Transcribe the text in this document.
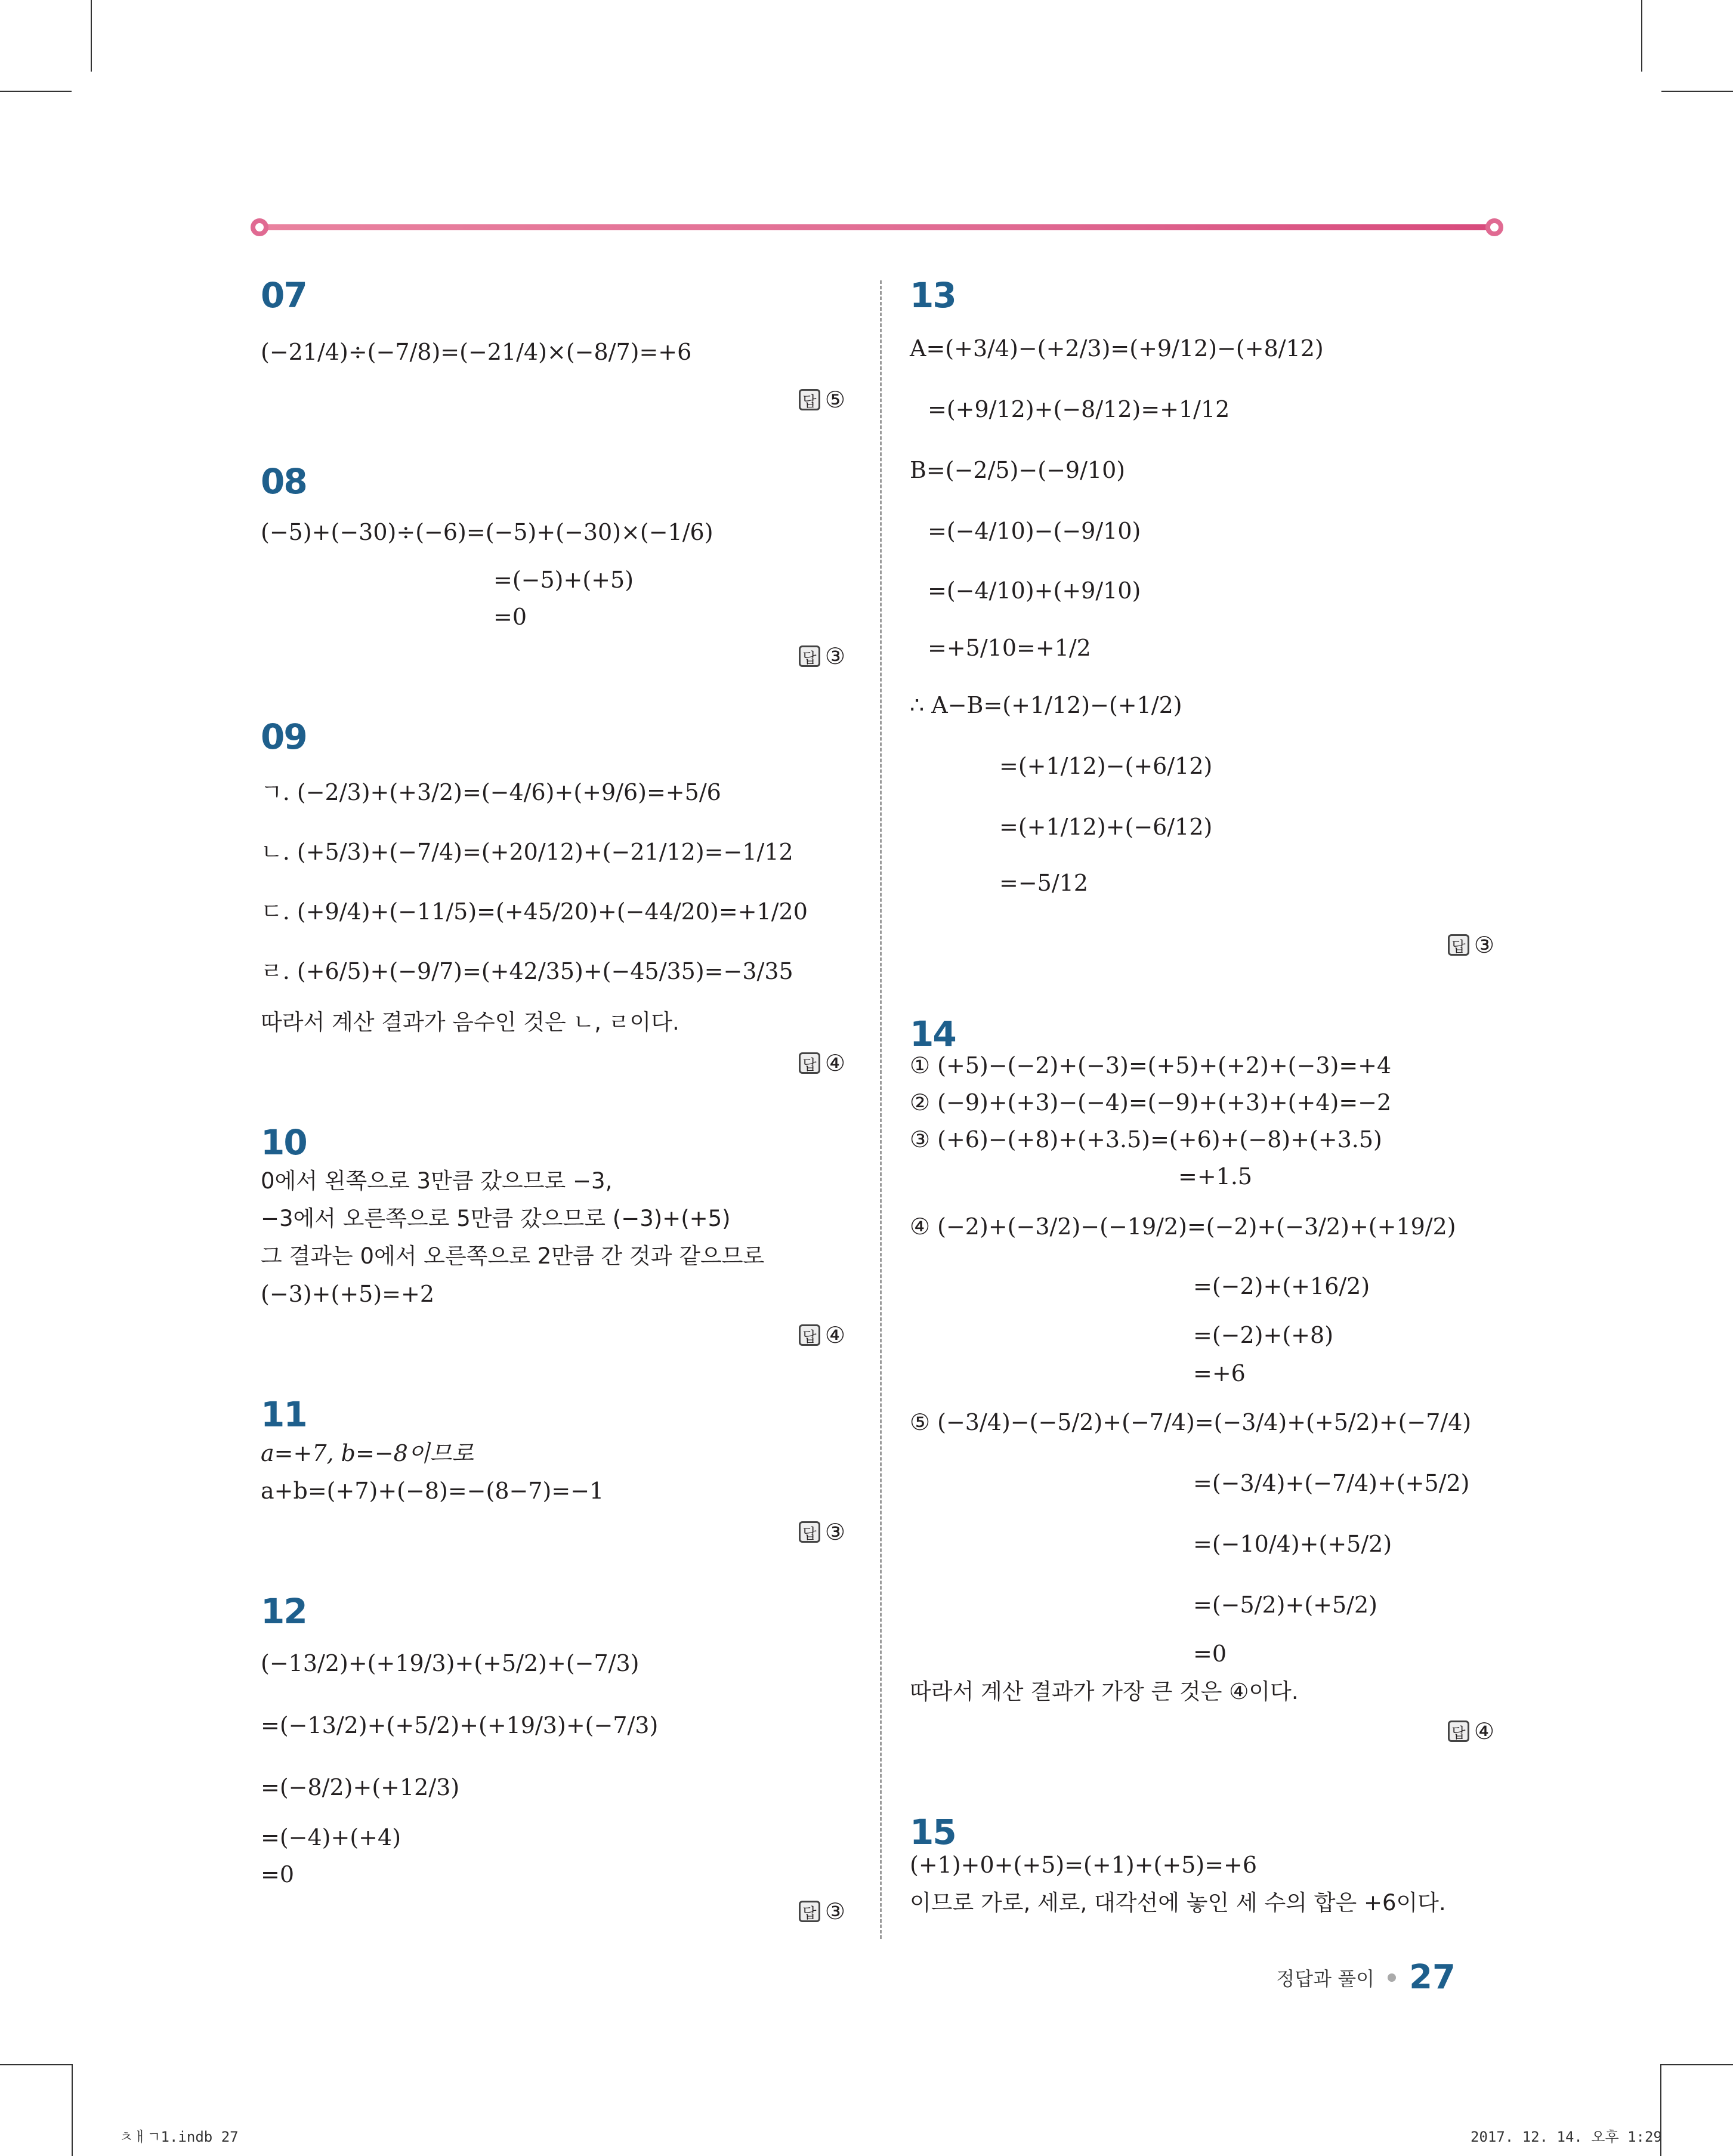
07
(−21/4)÷(−7/8)=(−21/4)×(−8/7)=+6
답 ⑤
08
(−5)+(−30)÷(−6)=(−5)+(−30)×(−1/6)
=(−5)+(+5)
=0
답 ③
09
ㄱ. (−2/3)+(+3/2)=(−4/6)+(+9/6)=+5/6
ㄴ. (+5/3)+(−7/4)=(+20/12)+(−21/12)=−1/12
ㄷ. (+9/4)+(−11/5)=(+45/20)+(−44/20)=+1/20
ㄹ. (+6/5)+(−9/7)=(+42/35)+(−45/35)=−3/35
따라서 계산 결과가 음수인 것은 ㄴ, ㄹ이다.
답 ④
10
0에서 왼쪽으로 3만큼 갔으므로 −3,
−3에서 오른쪽으로 5만큼 갔으므로 (−3)+(+5)
그 결과는 0에서 오른쪽으로 2만큼 간 것과 같으므로
(−3)+(+5)=+2
답 ④
11
a=+7, b=−8이므로
a+b=(+7)+(−8)=−(8−7)=−1
답 ③
12
(−13/2)+(+19/3)+(+5/2)+(−7/3)
=(−13/2)+(+5/2)+(+19/3)+(−7/3)
=(−8/2)+(+12/3)
=(−4)+(+4)
=0
답 ③
13
A=(+3/4)−(+2/3)=(+9/12)−(+8/12)
=(+9/12)+(−8/12)=+1/12
B=(−2/5)−(−9/10)
=(−4/10)−(−9/10)
=(−4/10)+(+9/10)
=+5/10=+1/2
∴ A−B=(+1/12)−(+1/2)
=(+1/12)−(+6/12)
=(+1/12)+(−6/12)
=−5/12
답 ③
14
① (+5)−(−2)+(−3)=(+5)+(+2)+(−3)=+4
② (−9)+(+3)−(−4)=(−9)+(+3)+(+4)=−2
③ (+6)−(+8)+(+3.5)=(+6)+(−8)+(+3.5)
=+1.5
④ (−2)+(−3/2)−(−19/2)=(−2)+(−3/2)+(+19/2)
=(−2)+(+16/2)
=(−2)+(+8)
=+6
⑤ (−3/4)−(−5/2)+(−7/4)=(−3/4)+(+5/2)+(−7/4)
=(−3/4)+(−7/4)+(+5/2)
=(−10/4)+(+5/2)
=(−5/2)+(+5/2)
=0
따라서 계산 결과가 가장 큰 것은 ④이다.
답 ④
15
(+1)+0+(+5)=(+1)+(+5)=+6
이므로 가로, 세로, 대각선에 놓인 세 수의 합은 +6이다.
정답과 풀이 27
ㅊㅐㄱ1.indb 27	2017. 12. 14. 오후 1:29
